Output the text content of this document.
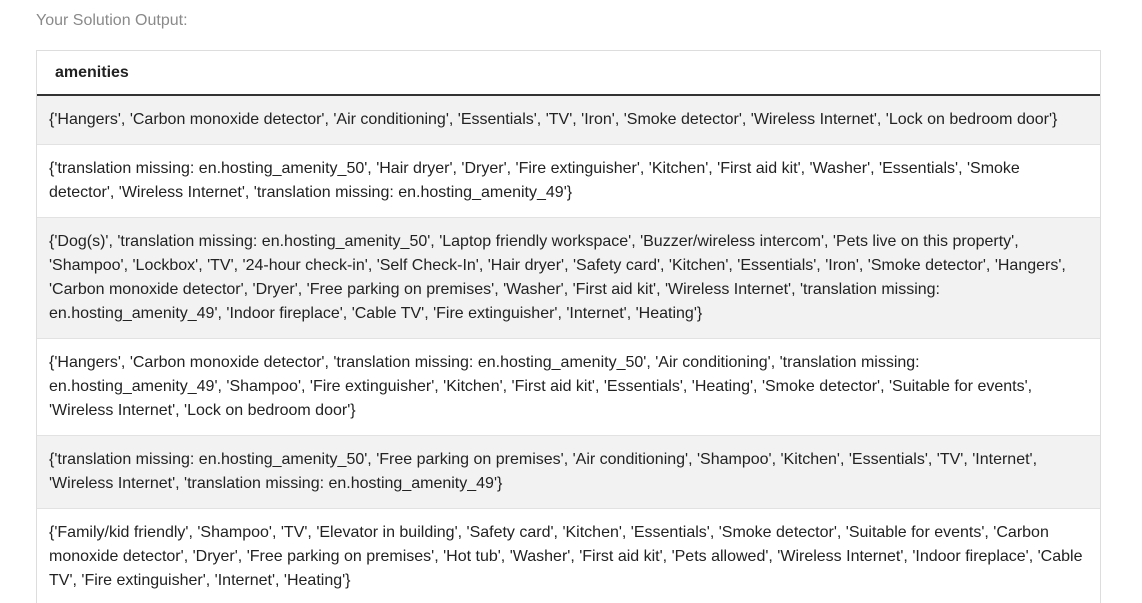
Your Solution Output:
amenities
{'Hangers', 'Carbon monoxide detector', 'Air conditioning', 'Essentials', 'TV', 'Iron', 'Smoke detector', 'Wireless Internet', 'Lock on bedroom door'}
{'translation missing: en.hosting_amenity_50', 'Hair dryer', 'Dryer', 'Fire extinguisher', 'Kitchen', 'First aid kit', 'Washer', 'Essentials', 'Smoke detector', 'Wireless Internet', 'translation missing: en.hosting_amenity_49'}
{'Dog(s)', 'translation missing: en.hosting_amenity_50', 'Laptop friendly workspace', 'Buzzer/wireless intercom', 'Pets live on this property', 'Shampoo', 'Lockbox', 'TV', '24-hour check-in', 'Self Check-In', 'Hair dryer', 'Safety card', 'Kitchen', 'Essentials', 'Iron', 'Smoke detector', 'Hangers', 'Carbon monoxide detector', 'Dryer', 'Free parking on premises', 'Washer', 'First aid kit', 'Wireless Internet', 'translation missing: en.hosting_amenity_49', 'Indoor fireplace', 'Cable TV', 'Fire extinguisher', 'Internet', 'Heating'}
{'Hangers', 'Carbon monoxide detector', 'translation missing: en.hosting_amenity_50', 'Air conditioning', 'translation missing: en.hosting_amenity_49', 'Shampoo', 'Fire extinguisher', 'Kitchen', 'First aid kit', 'Essentials', 'Heating', 'Smoke detector', 'Suitable for events', 'Wireless Internet', 'Lock on bedroom door'}
{'translation missing: en.hosting_amenity_50', 'Free parking on premises', 'Air conditioning', 'Shampoo', 'Kitchen', 'Essentials', 'TV', 'Internet', 'Wireless Internet', 'translation missing: en.hosting_amenity_49'}
{'Family/kid friendly', 'Shampoo', 'TV', 'Elevator in building', 'Safety card', 'Kitchen', 'Essentials', 'Smoke detector', 'Suitable for events', 'Carbon monoxide detector', 'Dryer', 'Free parking on premises', 'Hot tub', 'Washer', 'First aid kit', 'Pets allowed', 'Wireless Internet', 'Indoor fireplace', 'Cable TV', 'Fire extinguisher', 'Internet', 'Heating'}
